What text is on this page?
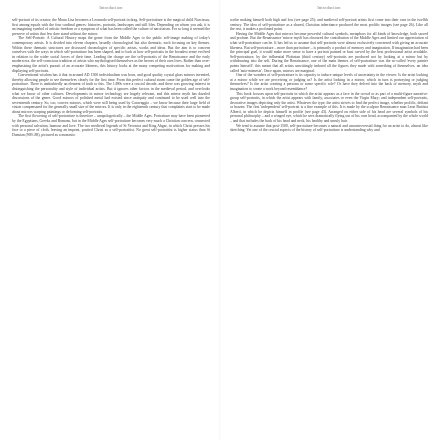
Introduction

self-portrait of its creator; the Mona Lisa becomes a Leonardo self-portrait in drag. Self-portraiture is the magical child Narcissus, first among equals with the four cardinal genres: histories, portraits, landscapes and still lifes. Depending on whom you ask, it is an imagining symbol of artistic freedom or a symptom of what has been called the culture of narcissism. For so long it seemed the preserve of artists that few dare stand without the mirror.

The Self-Portrait: A Cultural History maps the genre from the Middle Ages to the public self-image making of today's contemporary artists. It is divided into eleven chapters, broadly chronological but also thematic, each focusing on key themes. Within these thematic structures are discussed chronologies of specific artists, works and ideas. But the aim is to concern ourselves with the ways in which self-portraiture has been shaped, and to look at how self-portraits in the broadest sense evolved in relation to the wider social forces of their time. Leading the charge are the self-portraits of the Renaissance and the early modern era, the self-conscious tradition of artists who mythologised themselves as the heroes of their own lives. Rather than over-emphasising the artist's pursuit of an accurate likeness, this history looks at the many competing motivations for making and displaying self-portraits.

Conventional wisdom has it that in around AD 1500 individualism was born, and good quality crystal glass mirrors invented, thereby allowing people to see themselves clearly for the first time. From this perfect cultural storm came the golden age of self-portraiture. There is undoubtedly an element of truth to this. The 1490s were a crucial decade, and there was growing interest in distinguishing the personality and style of individual artists. But it ignores other factors in the medieval period, and overlooks what we know of other cultures. Developments in mirror technology are hugely relevant, and this mirror myth has dazzled discussions of the genre. Good mirrors of polished metal had existed since antiquity and continued to be used well into the seventeenth century. So, too, convex mirrors, which were still being used by Caravaggio – we know because their large field of vision compensated for the generally small size of the mirrors. It is only in the eighteenth century that complaints start to be made about mirrors warping paintings or deforming self-portraits.

The first flowering of self-portraiture is therefore – unapologetically – the Middle Ages. Portraiture may have been pioneered by the Egyptians, Greeks and Romans, but in the Middle Ages self-portraiture becomes very much a Christian concern, connected with personal salvation, humour and love. The two medieval legends of St Veronica and King Abgar, in which Christ presses his face to a piece of cloth, leaving an imprint, posited Christ as a self-portraitist. No great self-portraitist is higher status than St Dunstan (909–88), pictured as a monastic

Introduction

scribe making himself both high and low (see page 25); and medieval self-portrait artists first come into their own in the twelfth century. The idea of self-portraiture as a shared, Christian inheritance produced the most prolific images (see page 26). Like all the rest, it makes a profound point.

Having the Middle Ages that mirrors become powerful cultural symbols, metaphors for all kinds of knowledge, both sacred and profane. But the Renaissance 'mirror myth' has obscured the contribution of the Middle Ages and limited our appreciation of what self-portraiture can be. It has led us to assume that self-portraits were almost exclusively concerned with giving an accurate likeness. But self-portraiture – more than portraiture – is primarily a product of memory and imagination. If imagination had been the principal goal, it would make more sense to have a portrait painted or bust carved by the best professional artist available. Self-portraiture, by the influential Plotinian (third century) self-portraits are produced not by looking at a mirror but by withdrawing into the self. During the Renaissance, one of the main themes of self-portraiture was the so-called 'every painter paints himself': this meant that all artists unwittingly imbued all the figures they made with something of themselves, an idea called 'auto-mimesis'. Once again, mirrors are marginal.

One of the wonders of self-portraiture is its capacity to induce unique levels of uncertainty in the viewer. Is the artist looking at a mirror while we are perceiving or judging us? Is the artist looking in a mirror, which in turn is portraying or judging themselves? Is the artist creating a persona or some specific role? Or have they delved into the back of memory, myth and imagination to create a work beyond resemblance?

This book focuses upon self-portraits in which the artist appears as a face in the crowd or as part of a multi-figure narrative: group self-portraits, in which the artist appears with family, associates or even the Virgin Mary; and independent self-portraits, decorative images depicting only the artist. Whatever the type, the artist strives to find the perfect image, whether prolific, defiant or brazen. The first 'independent' self-portrait is a fine example of this. It is made by the sculptor Renaissance man Leon Battista Alberti, in which he depicts himself in profile (see page 43). Arranged on either side of his head are several symbols of his personal philosophy – and a winged eye, which he sees dramatically flying out of his own head, accompanied by the whole world – and that includes the back of his head and neck, his healthy and unruly hair.

We tend to assume that post-1500, self-portraiture becomes a natural and uncontroversial thing for an artist to do, almost like sketching. Yet one of the crucial aspects of the history of self-portraiture is understanding why and
